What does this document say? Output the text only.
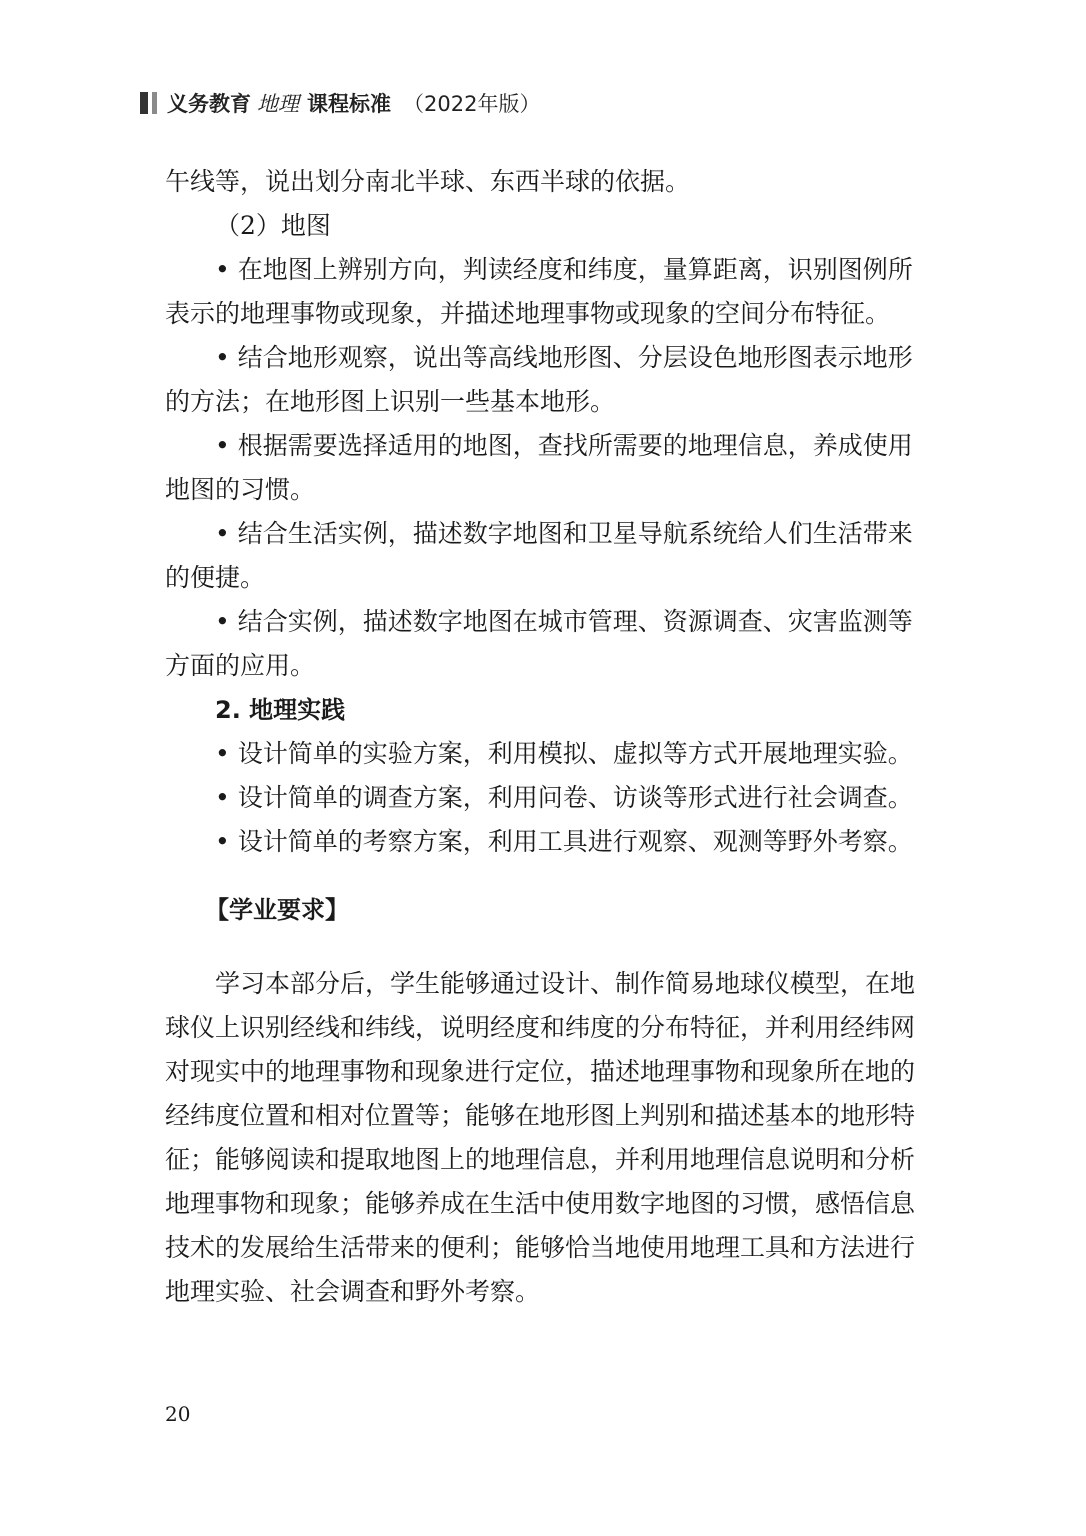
义务教育 地理 课程标准 （2022年版）

午线等，说出划分南北半球、东西半球的依据。

（2）地图

• 在地图上辨别方向，判读经度和纬度，量算距离，识别图例所表示的地理事物或现象，并描述地理事物或现象的空间分布特征。

• 结合地形观察，说出等高线地形图、分层设色地形图表示地形的方法；在地形图上识别一些基本地形。

• 根据需要选择适用的地图，查找所需要的地理信息，养成使用地图的习惯。

• 结合生活实例，描述数字地图和卫星导航系统给人们生活带来的便捷。

• 结合实例，描述数字地图在城市管理、资源调查、灾害监测等方面的应用。

2. 地理实践

• 设计简单的实验方案，利用模拟、虚拟等方式开展地理实验。

• 设计简单的调查方案，利用问卷、访谈等形式进行社会调查。

• 设计简单的考察方案，利用工具进行观察、观测等野外考察。

【学业要求】

学习本部分后，学生能够通过设计、制作简易地球仪模型，在地球仪上识别经线和纬线，说明经度和纬度的分布特征，并利用经纬网对现实中的地理事物和现象进行定位，描述地理事物和现象所在地的经纬度位置和相对位置等；能够在地形图上判别和描述基本的地形特征；能够阅读和提取地图上的地理信息，并利用地理信息说明和分析地理事物和现象；能够养成在生活中使用数字地图的习惯，感悟信息技术的发展给生活带来的便利；能够恰当地使用地理工具和方法进行地理实验、社会调查和野外考察。

20
